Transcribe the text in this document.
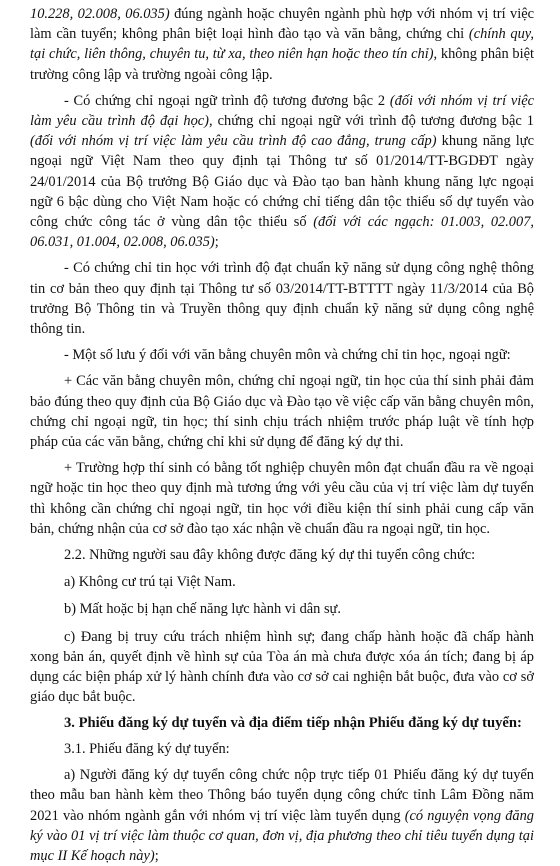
10.228, 02.008, 06.035) đúng ngành hoặc chuyên ngành phù hợp với nhóm vị trí việc làm cần tuyển; không phân biệt loại hình đào tạo và văn bằng, chứng chỉ (chính quy, tại chức, liên thông, chuyên tu, từ xa, theo niên hạn hoặc theo tín chỉ), không phân biệt trường công lập và trường ngoài công lập.

- Có chứng chỉ ngoại ngữ trình độ tương đương bậc 2 (đối với nhóm vị trí việc làm yêu cầu trình độ đại học), chứng chỉ ngoại ngữ với trình độ tương đương bậc 1 (đối với nhóm vị trí việc làm yêu cầu trình độ cao đẳng, trung cấp) khung năng lực ngoại ngữ Việt Nam theo quy định tại Thông tư số 01/2014/TT-BGDĐT ngày 24/01/2014 của Bộ trưởng Bộ Giáo dục và Đào tạo ban hành khung năng lực ngoại ngữ 6 bậc dùng cho Việt Nam hoặc có chứng chỉ tiếng dân tộc thiểu số dự tuyển vào công chức công tác ở vùng dân tộc thiểu số (đối với các ngạch: 01.003, 02.007, 06.031, 01.004, 02.008, 06.035);

- Có chứng chỉ tin học với trình độ đạt chuẩn kỹ năng sử dụng công nghệ thông tin cơ bản theo quy định tại Thông tư số 03/2014/TT-BTTTT ngày 11/3/2014 của Bộ trưởng Bộ Thông tin và Truyền thông quy định chuẩn kỹ năng sử dụng công nghệ thông tin.

- Một số lưu ý đối với văn bằng chuyên môn và chứng chỉ tin học, ngoại ngữ:

+ Các văn bằng chuyên môn, chứng chỉ ngoại ngữ, tin học của thí sinh phải đảm bảo đúng theo quy định của Bộ Giáo dục và Đào tạo về việc cấp văn bằng chuyên môn, chứng chỉ ngoại ngữ, tin học; thí sinh chịu trách nhiệm trước pháp luật về tính hợp pháp của các văn bằng, chứng chỉ khi sử dụng để đăng ký dự thi.

+ Trường hợp thí sinh có bằng tốt nghiệp chuyên môn đạt chuẩn đầu ra về ngoại ngữ hoặc tin học theo quy định mà tương ứng với yêu cầu của vị trí việc làm dự tuyển thì không cần chứng chỉ ngoại ngữ, tin học với điều kiện thí sinh phải cung cấp văn bản, chứng nhận của cơ sở đào tạo xác nhận về chuẩn đầu ra ngoại ngữ, tin học.

2.2. Những người sau đây không được đăng ký dự thi tuyển công chức:

a) Không cư trú tại Việt Nam.

b) Mất hoặc bị hạn chế năng lực hành vi dân sự.

c) Đang bị truy cứu trách nhiệm hình sự; đang chấp hành hoặc đã chấp hành xong bản án, quyết định về hình sự của Tòa án mà chưa được xóa án tích; đang bị áp dụng các biện pháp xử lý hành chính đưa vào cơ sở cai nghiện bắt buộc, đưa vào cơ sở giáo dục bắt buộc.

3. Phiếu đăng ký dự tuyển và địa điểm tiếp nhận Phiếu đăng ký dự tuyển:

3.1. Phiếu đăng ký dự tuyển:

a) Người đăng ký dự tuyển công chức nộp trực tiếp 01 Phiếu đăng ký dự tuyển theo mẫu ban hành kèm theo Thông báo tuyển dụng công chức tỉnh Lâm Đồng năm 2021 vào nhóm ngành gắn với nhóm vị trí việc làm tuyển dụng (có nguyện vọng đăng ký vào 01 vị trí việc làm thuộc cơ quan, đơn vị, địa phương theo chỉ tiêu tuyển dụng tại mục II Kế hoạch này);
